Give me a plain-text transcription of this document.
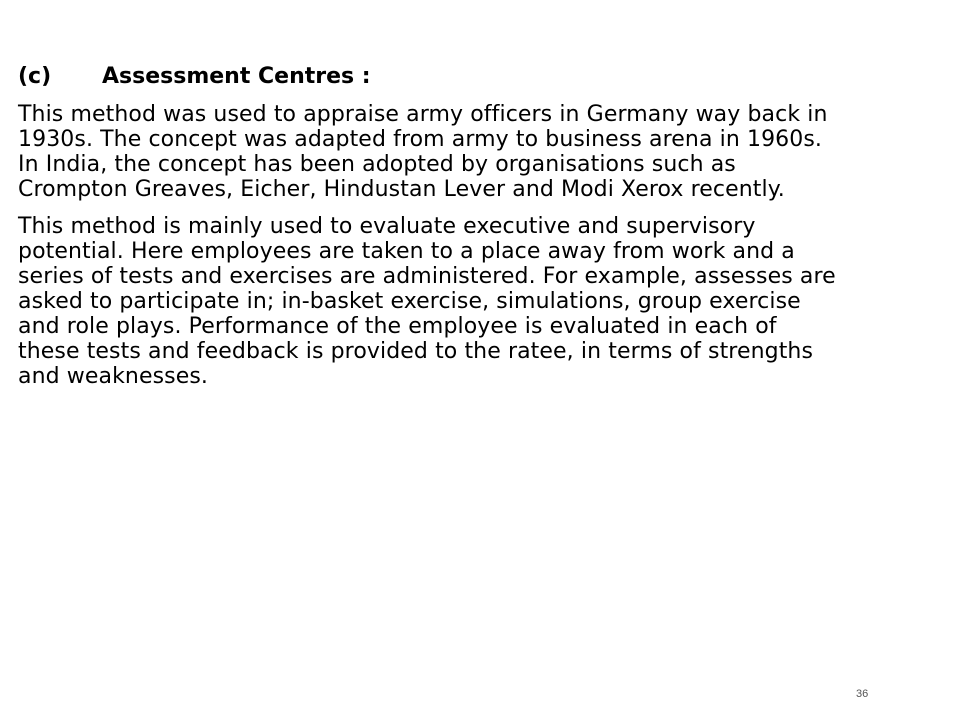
(c) Assessment Centres :

This method was used to appraise army officers in Germany way back in 1930s. The concept was adapted from army to business arena in 1960s. In India, the concept has been adopted by organisations such as Crompton Greaves, Eicher, Hindustan Lever and Modi Xerox recently.

This method is mainly used to evaluate executive and supervisory potential. Here employees are taken to a place away from work and a series of tests and exercises are administered. For example, assesses are asked to participate in; in-basket exercise, simulations, group exercise and role plays. Performance of the employee is evaluated in each of these tests and feedback is provided to the ratee, in terms of strengths and weaknesses.

36
